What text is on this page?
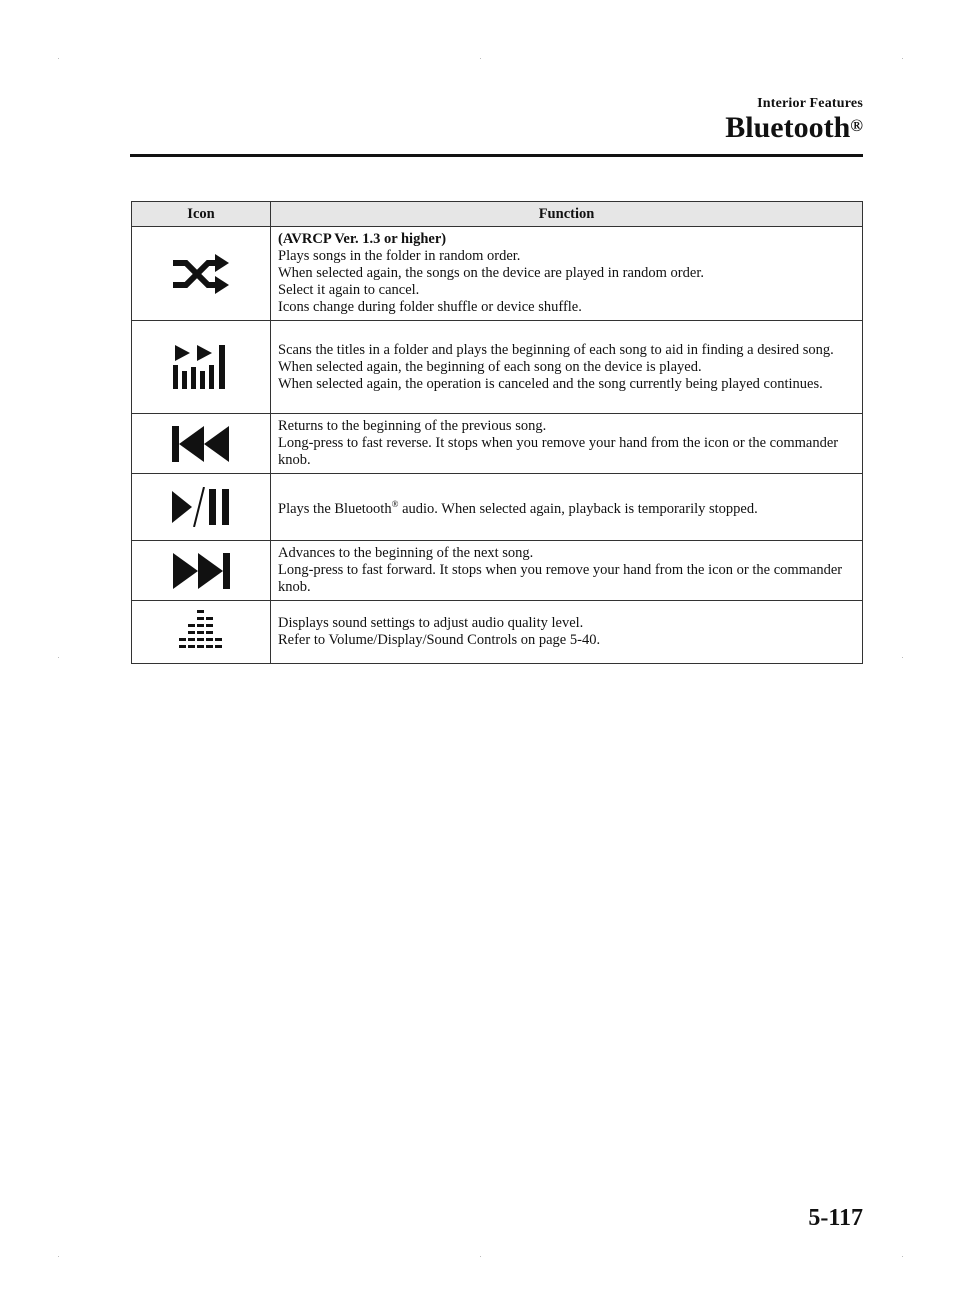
Interior Features
Bluetooth®
Icon	Function

(AVRCP Ver. 1.3 or higher)
Plays songs in the folder in random order.
When selected again, the songs on the device are played in random order.
Select it again to cancel.
Icons change during folder shuffle or device shuffle.

Scans the titles in a folder and plays the beginning of each song to aid in finding a desired song.
When selected again, the beginning of each song on the device is played.
When selected again, the operation is canceled and the song currently being played continues.

Returns to the beginning of the previous song.
Long-press to fast reverse. It stops when you remove your hand from the icon or the commander knob.

Plays the Bluetooth® audio. When selected again, playback is temporarily stopped.

Advances to the beginning of the next song.
Long-press to fast forward. It stops when you remove your hand from the icon or the commander knob.

Displays sound settings to adjust audio quality level.
Refer to Volume/Display/Sound Controls on page 5-40.
5-117
